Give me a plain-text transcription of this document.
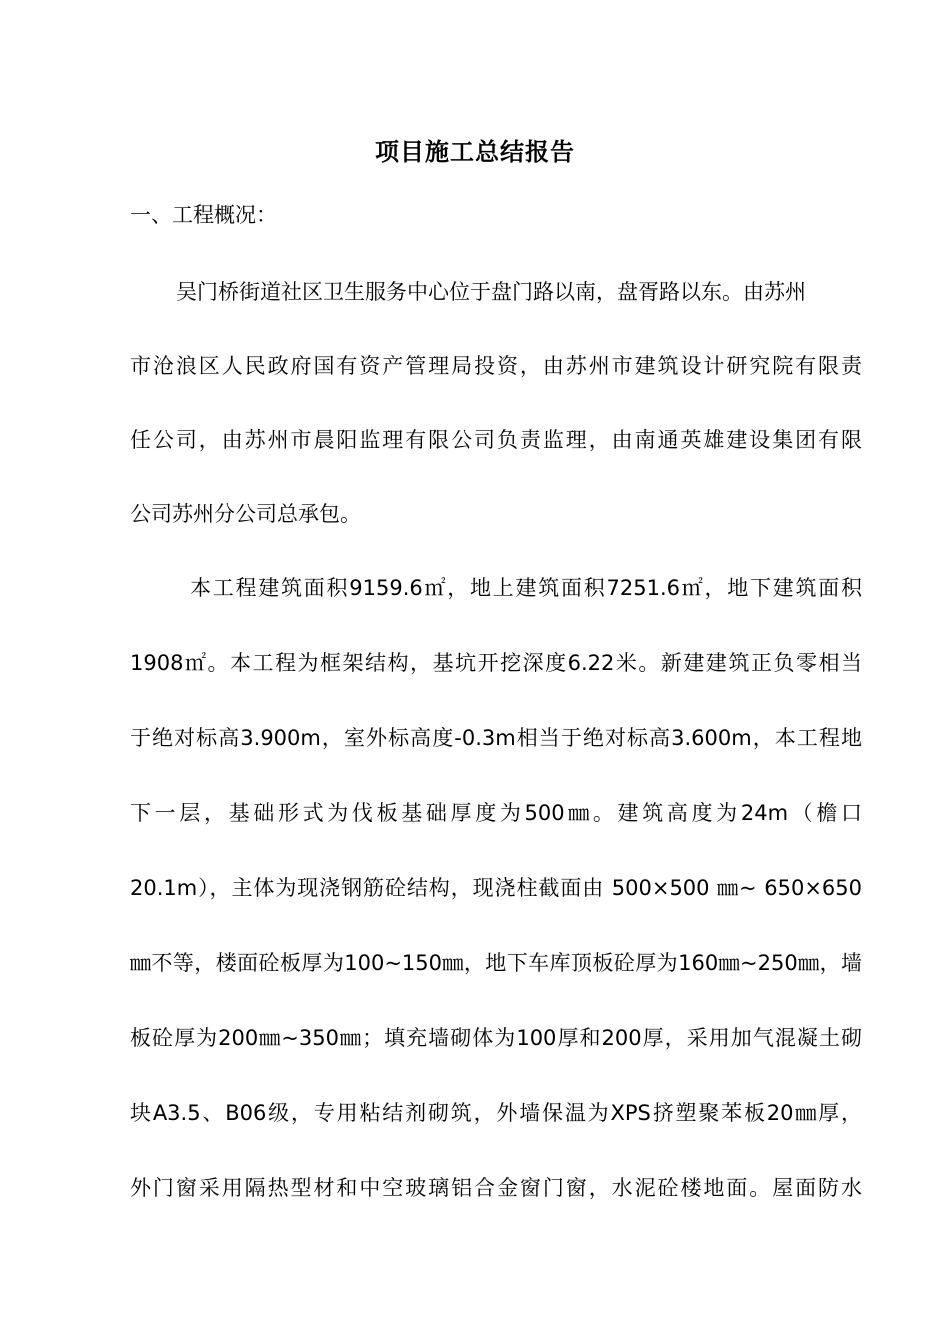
项目施工总结报告
一、工程概况：
吴门桥街道社区卫生服务中心位于盘门路以南，盘胥路以东。由苏州
市沧浪区人民政府国有资产管理局投资，由苏州市建筑设计研究院有限责
任公司，由苏州市晨阳监理有限公司负责监理，由南通英雄建设集团有限
公司苏州分公司总承包。
本工程建筑面积9159.6㎡，地上建筑面积7251.6㎡，地下建筑面积
1908㎡。本工程为框架结构，基坑开挖深度6.22米。新建建筑正负零相当
于绝对标高3.900m，室外标高度-0.3m相当于绝对标高3.600m，本工程地
下一层，基础形式为伐板基础厚度为500㎜。建筑高度为24m（檐口
20.1m），主体为现浇钢筋砼结构，现浇柱截面由 500×500 ㎜~ 650×650
㎜不等，楼面砼板厚为100~150㎜，地下车库顶板砼厚为160㎜~250㎜，墙
板砼厚为200㎜~350㎜；填充墙砌体为100厚和200厚，采用加气混凝土砌
块A3.5、B06级，专用粘结剂砌筑，外墙保温为XPS挤塑聚苯板20㎜厚，
外门窗采用隔热型材和中空玻璃铝合金窗门窗，水泥砼楼地面。屋面防水
